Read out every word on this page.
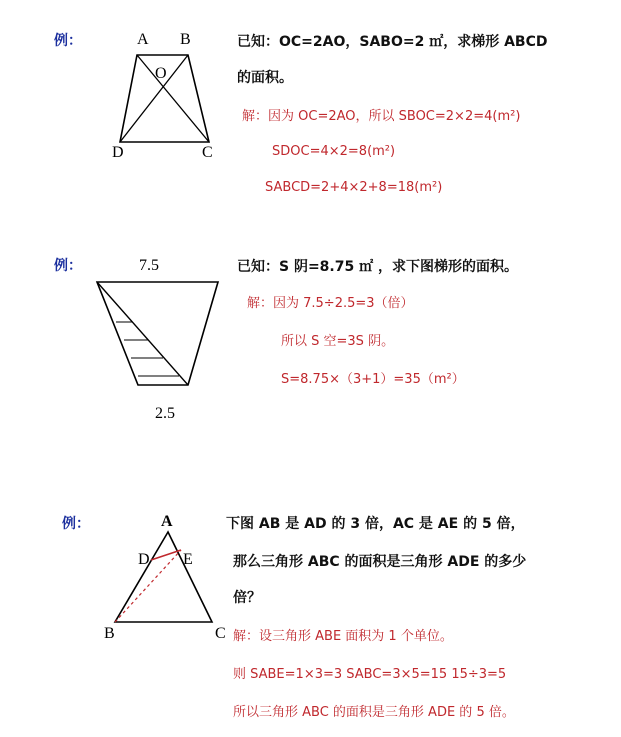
例：	A B
O
D	C
已知：OC=2AO，SABO=2 ㎡，求梯形 ABCD
的面积。
解：因为 OC=2AO，所以 SBOC=2×2=4(m²)
SDOC=4×2=8(m²)
SABCD=2+4×2+8=18(m²)
例：	7.5
2.5
已知：S 阴=8.75 ㎡ ，求下图梯形的面积。
解：因为 7.5÷2.5=3（倍）
所以 S 空=3S 阴。
S=8.75×（3+1）=35（m²）
例：	A
D E
B	C
下图 AB 是 AD 的 3 倍，AC 是 AE 的 5 倍，
那么三角形 ABC 的面积是三角形 ADE 的多少
倍？
解：设三角形 ABE 面积为 1 个单位。
则 SABE=1×3=3 SABC=3×5=15 15÷3=5
所以三角形 ABC 的面积是三角形 ADE 的 5 倍。
